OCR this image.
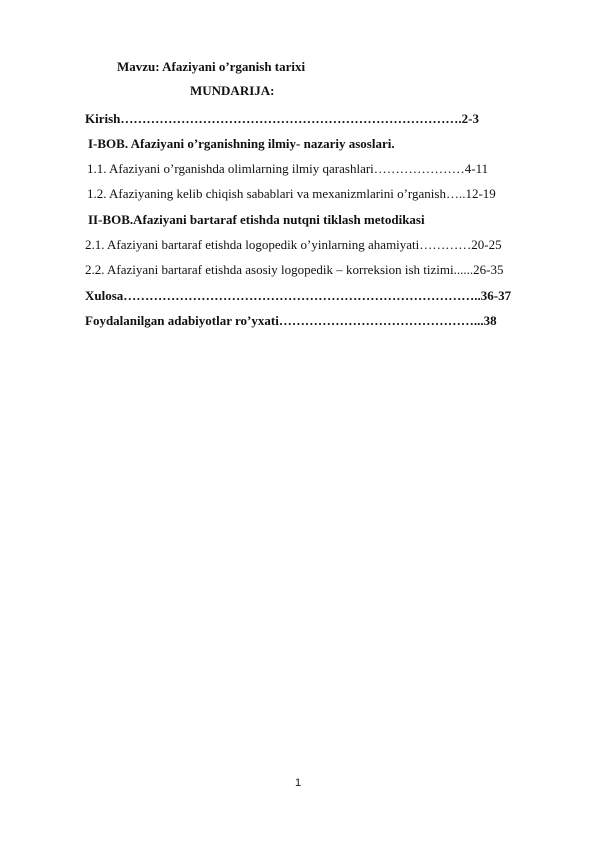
Mavzu: Afaziyani o’rganish tarixi
MUNDARIJA:
Kirish…………………………………………………………………….2-3
I-BOB. Afaziyani o’rganishning ilmiy- nazariy asoslari.
1.1. Afaziyani o’rganishda olimlarning ilmiy qarashlari…………………4-11
1.2. Afaziyaning kelib chiqish sabablari va mexanizmlarini o’rganish…..12-19
II-BOB.Afaziyani bartaraf etishda nutqni tiklash metodikasi
2.1. Afaziyani bartaraf etishda logopedik o’yinlarning ahamiyati…………20-25
2.2. Afaziyani bartaraf etishda asosiy logopedik – korreksion ish tizimi......26-35
Xulosa………………………………………………………………………..36-37
Foydalanilgan adabiyotlar ro’yxati………………………………………...38
1
